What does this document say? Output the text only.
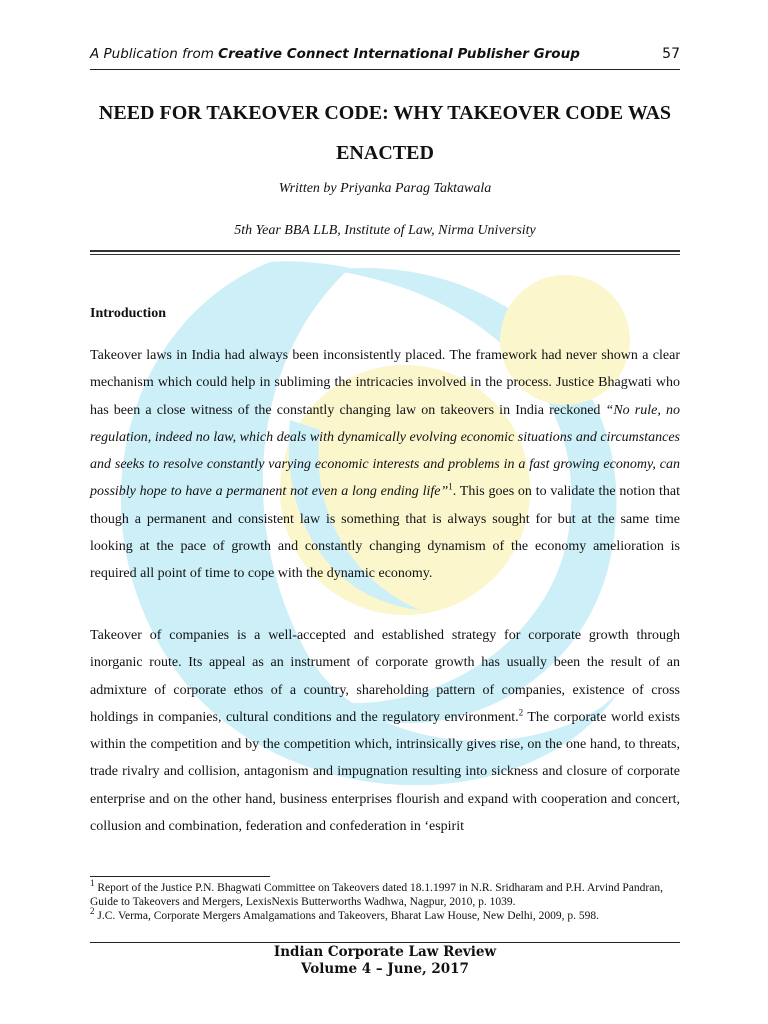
A Publication from Creative Connect International Publisher Group	57
NEED FOR TAKEOVER CODE: WHY TAKEOVER CODE WAS
ENACTED
Written by Priyanka Parag Taktawala
5th Year BBA LLB, Institute of Law, Nirma University
Introduction
Takeover laws in India had always been inconsistently placed. The framework had never shown a clear mechanism which could help in subliming the intricacies involved in the process. Justice Bhagwati who has been a close witness of the constantly changing law on takeovers in India reckoned “No rule, no regulation, indeed no law, which deals with dynamically evolving economic situations and circumstances and seeks to resolve constantly varying economic interests and problems in a fast growing economy, can possibly hope to have a permanent not even a long ending life”$^1$. This goes on to validate the notion that though a permanent and consistent law is something that is always sought for but at the same time looking at the pace of growth and constantly changing dynamism of the economy amelioration is required all point of time to cope with the dynamic economy.
Takeover of companies is a well-accepted and established strategy for corporate growth through inorganic route. Its appeal as an instrument of corporate growth has usually been the result of an admixture of corporate ethos of a country, shareholding pattern of companies, existence of cross holdings in companies, cultural conditions and the regulatory environment.$^2$ The corporate world exists within the competition and by the competition which, intrinsically gives rise, on the one hand, to threats, trade rivalry and collision, antagonism and impugnation resulting into sickness and closure of corporate enterprise and on the other hand, business enterprises flourish and expand with cooperation and concert, collusion and combination, federation and confederation in ‘espirit
$^1$ Report of the Justice P.N. Bhagwati Committee on Takeovers dated 18.1.1997 in N.R. Sridharam and P.H. Arvind Pandran, Guide to Takeovers and Mergers, LexisNexis Butterworths Wadhwa, Nagpur, 2010, p. 1039.
$^2$ J.C. Verma, Corporate Mergers Amalgamations and Takeovers, Bharat Law House, New Delhi, 2009, p. 598.
Indian Corporate Law Review
Volume 4 – June, 2017
